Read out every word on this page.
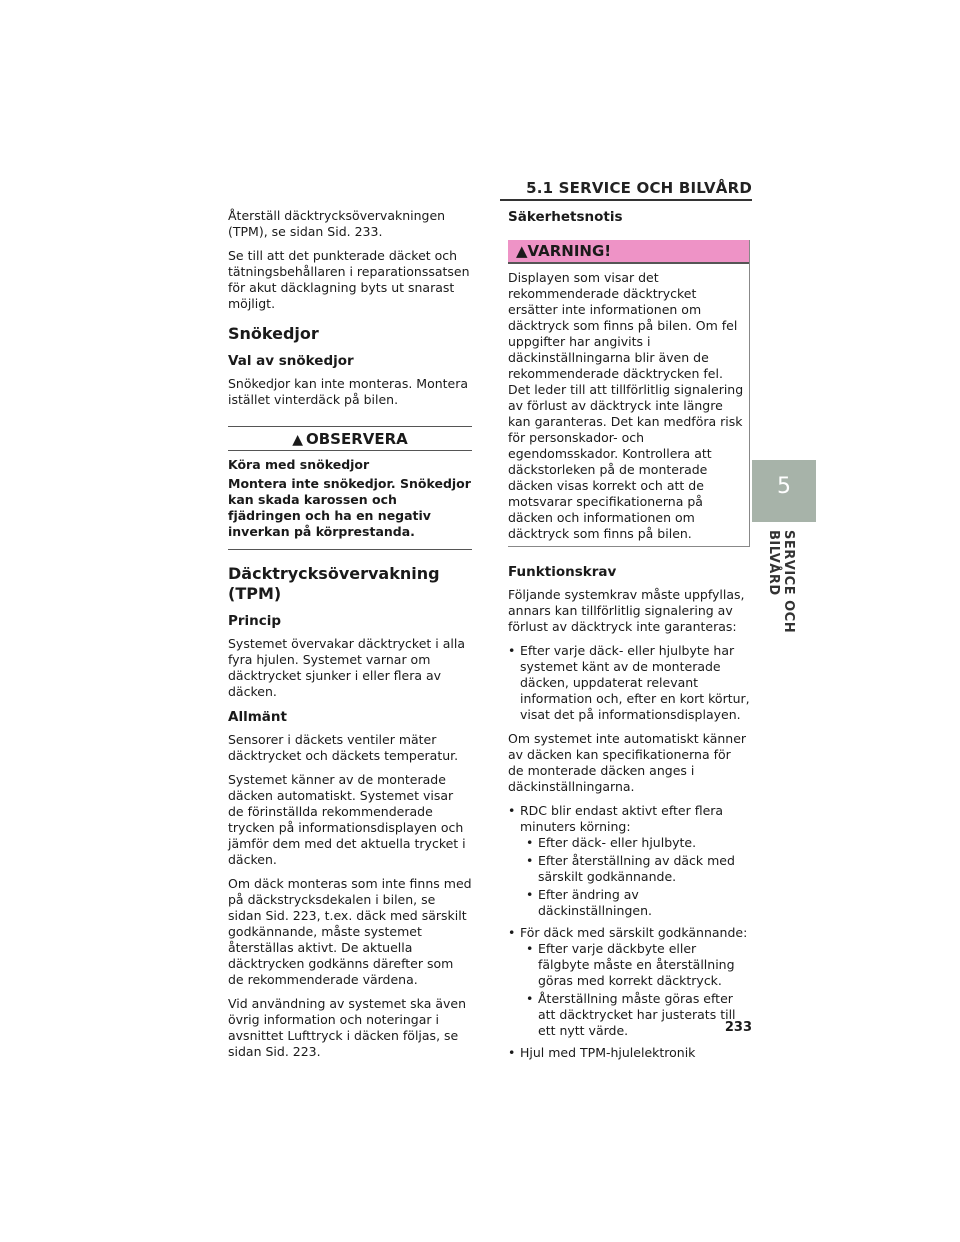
5.1 SERVICE OCH BILVÅRD
5
SERVICE OCH BILVÅRD

Återställ däcktrycksövervakningen (TPM), se sidan Sid. 233.

Se till att det punkterade däcket och tätningsbehållaren i reparationssatsen för akut däcklagning byts ut snarast möjligt.

Snökedjor
Val av snökedjor

Snökedjor kan inte monteras. Montera istället vinterdäck på bilen.

▲ OBSERVERA

Köra med snökedjor

Montera inte snökedjor. Snökedjor kan skada karossen och fjädringen och ha en negativ inverkan på körprestanda.

Däcktrycksövervakning (TPM)
Princip

Systemet övervakar däcktrycket i alla fyra hjulen. Systemet varnar om däcktrycket sjunker i eller flera av däcken.

Allmänt

Sensorer i däckets ventiler mäter däcktrycket och däckets temperatur.

Systemet känner av de monterade däcken automatiskt. Systemet visar de förinställda rekommenderade trycken på informationsdisplayen och jämför dem med det aktuella trycket i däcken.

Om däck monteras som inte finns med på däckstrycksdekalen i bilen, se sidan Sid. 223, t.ex. däck med särskilt godkännande, måste systemet återställas aktivt. De aktuella däcktrycken godkänns därefter som de rekommenderade värdena.

Vid användning av systemet ska även övrig information och noteringar i avsnittet Lufttryck i däcken följas, se sidan Sid. 223.

Säkerhetsnotis
▲VARNING!

Displayen som visar det rekommenderade däcktrycket ersätter inte informationen om däcktryck som finns på bilen. Om fel uppgifter har angivits i däckinställningarna blir även de rekommenderade däcktrycken fel. Det leder till att tillförlitlig signalering av förlust av däcktryck inte längre kan garanteras. Det kan medföra risk för personskador- och egendomsskador. Kontrollera att däckstorleken på de monterade däcken visas korrekt och att de motsvarar specifikationerna på däcken och informationen om däcktryck som finns på bilen.

Funktionskrav

Följande systemkrav måste uppfyllas, annars kan tillförlitlig signalering av förlust av däcktryck inte garanteras:

• Efter varje däck- eller hjulbyte har systemet känt av de monterade däcken, uppdaterat relevant information och, efter en kort körtur, visat det på informationsdisplayen.

Om systemet inte automatiskt känner av däcken kan specifikationerna för de monterade däcken anges i däckinställningarna.

• RDC blir endast aktivt efter flera minuters körning:
• Efter däck- eller hjulbyte.
• Efter återställning av däck med särskilt godkännande.
• Efter ändring av däckinställningen.
• För däck med särskilt godkännande:
• Efter varje däckbyte eller fälgbyte måste en återställning göras med korrekt däcktryck.
• Återställning måste göras efter att däcktrycket har justerats till ett nytt värde.
• Hjul med TPM-hjulelektronik
233
